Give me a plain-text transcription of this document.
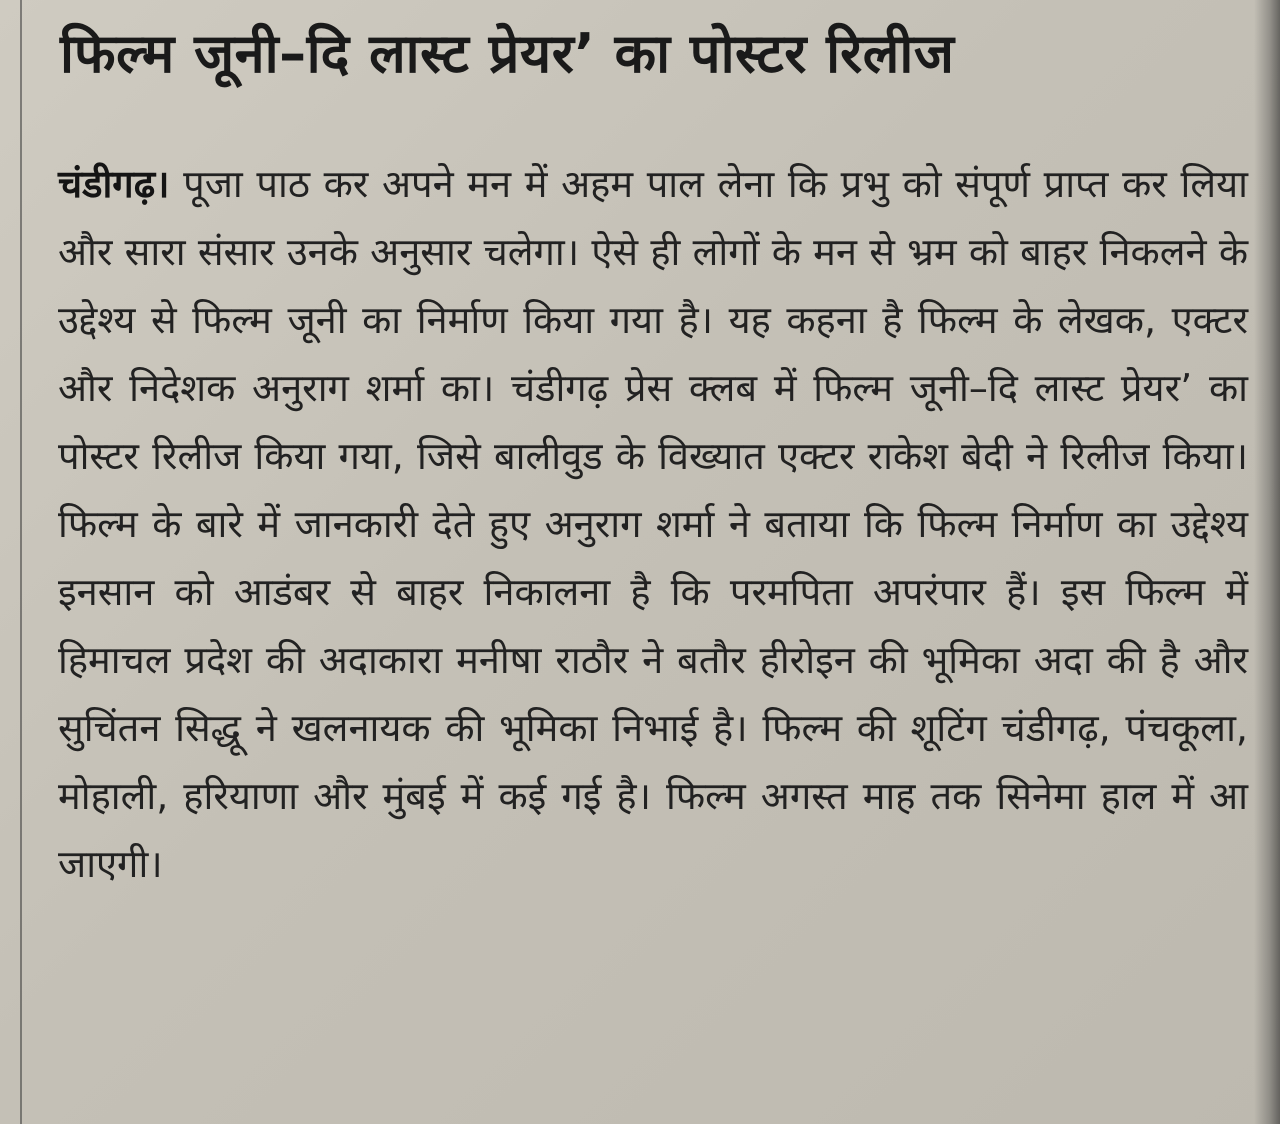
फिल्म जूनी–दि लास्ट प्रेयर’ का पोस्टर रिलीज

चंडीगढ़। पूजा पाठ कर अपने मन में अहम पाल लेना कि प्रभु को संपूर्ण प्राप्त कर लिया और सारा संसार उनके अनुसार चलेगा। ऐसे ही लोगों के मन से भ्रम को बाहर निकलने के उद्देश्य से फिल्म जूनी का निर्माण किया गया है। यह कहना है फिल्म के लेखक, एक्टर और निदेशक अनुराग शर्मा का। चंडीगढ़ प्रेस क्लब में फिल्म जूनी–दि लास्ट प्रेयर’ का पोस्टर रिलीज किया गया, जिसे बालीवुड के विख्यात एक्टर राकेश बेदी ने रिलीज किया। फिल्म के बारे में जानकारी देते हुए अनुराग शर्मा ने बताया कि फिल्म निर्माण का उद्देश्य इनसान को आडंबर से बाहर निकालना है कि परमपिता अपरंपार हैं। इस फिल्म में हिमाचल प्रदेश की अदाकारा मनीषा राठौर ने बतौर हीरोइन की भूमिका अदा की है और सुचिंतन सिद्धू ने खलनायक की भूमिका निभाई है। फिल्म की शूटिंग चंडीगढ़, पंचकूला, मोहाली, हरियाणा और मुंबई में कई गई है। फिल्म अगस्त माह तक सिनेमा हाल में आ जाएगी।
